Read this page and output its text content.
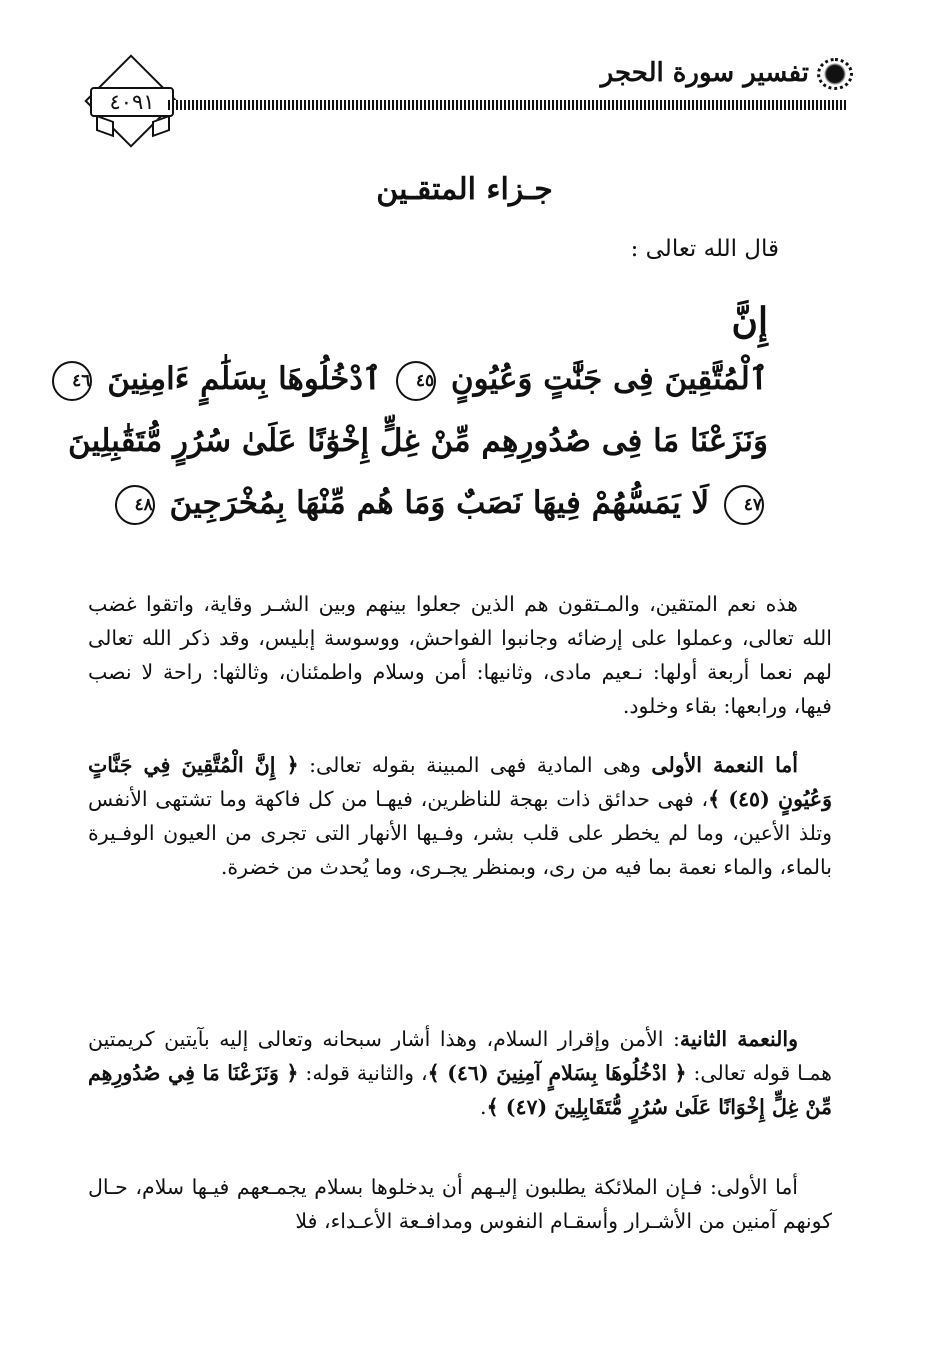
٤٠٩١
تفسير سورة الحجر
جـزاء المتقـين
قال الله تعالى :
إِنَّ
ٱلْمُتَّقِينَ فِى جَنَّٰتٍ وَعُيُونٍ ٤٥ ٱدْخُلُوهَا بِسَلَٰمٍ ءَامِنِينَ ٤٦
وَنَزَعْنَا مَا فِى صُدُورِهِم مِّنْ غِلٍّ إِخْوَٰنًا عَلَىٰ سُرُرٍ مُّتَقَٰبِلِينَ
٤٧ لَا يَمَسُّهُمْ فِيهَا نَصَبٌ وَمَا هُم مِّنْهَا بِمُخْرَجِينَ ٤٨

هذه نعم المتقين، والمـتقون هم الذين جعلوا بينهم وبين الشـر وقاية، واتقوا غضب الله تعالى، وعملوا على إرضائه وجانبوا الفواحش، ووسوسة إبليس، وقد ذكر الله تعالى لهم نعما أربعة أولها: نـعيم مادى، وثانيها: أمن وسلام واطمئنان، وثالثها: راحة لا نصب فيها، ورابعها: بقاء وخلود.

أما النعمة الأولى وهى المادية فهى المبينة بقوله تعالى: ﴿ إِنَّ الْمُتَّقِينَ فِي جَنَّاتٍ وَعُيُونٍ (٤٥) ﴾، فهى حدائق ذات بهجة للناظرين، فيهـا من كل فاكهة وما تشتهى الأنفس وتلذ الأعين، وما لم يخطر على قلب بشر، وفـيها الأنهار التى تجرى من العيون الوفـيرة بالماء، والماء نعمة بما فيه من رى، وبمنظر يجـرى، وما يُحدث من خضرة.

والنعمة الثانية: الأمن وإقرار السلام، وهذا أشار سبحانه وتعالى إليه بآيتين كريمتين همـا قوله تعالى: ﴿ ادْخُلُوهَا بِسَلامٍ آمِنِينَ (٤٦) ﴾، والثانية قوله: ﴿ وَنَزَعْنَا مَا فِي صُدُورِهِم مِّنْ غِلٍّ إِخْوَانًا عَلَىٰ سُرُرٍ مُّتَقَابِلِينَ (٤٧) ﴾.

أما الأولى: فـإن الملائكة يطلبون إليـهم أن يدخلوها بسلام يجمـعهم فيـها سلام، حـال كونهم آمنين من الأشـرار وأسقـام النفوس ومدافـعة الأعـداء، فلا
